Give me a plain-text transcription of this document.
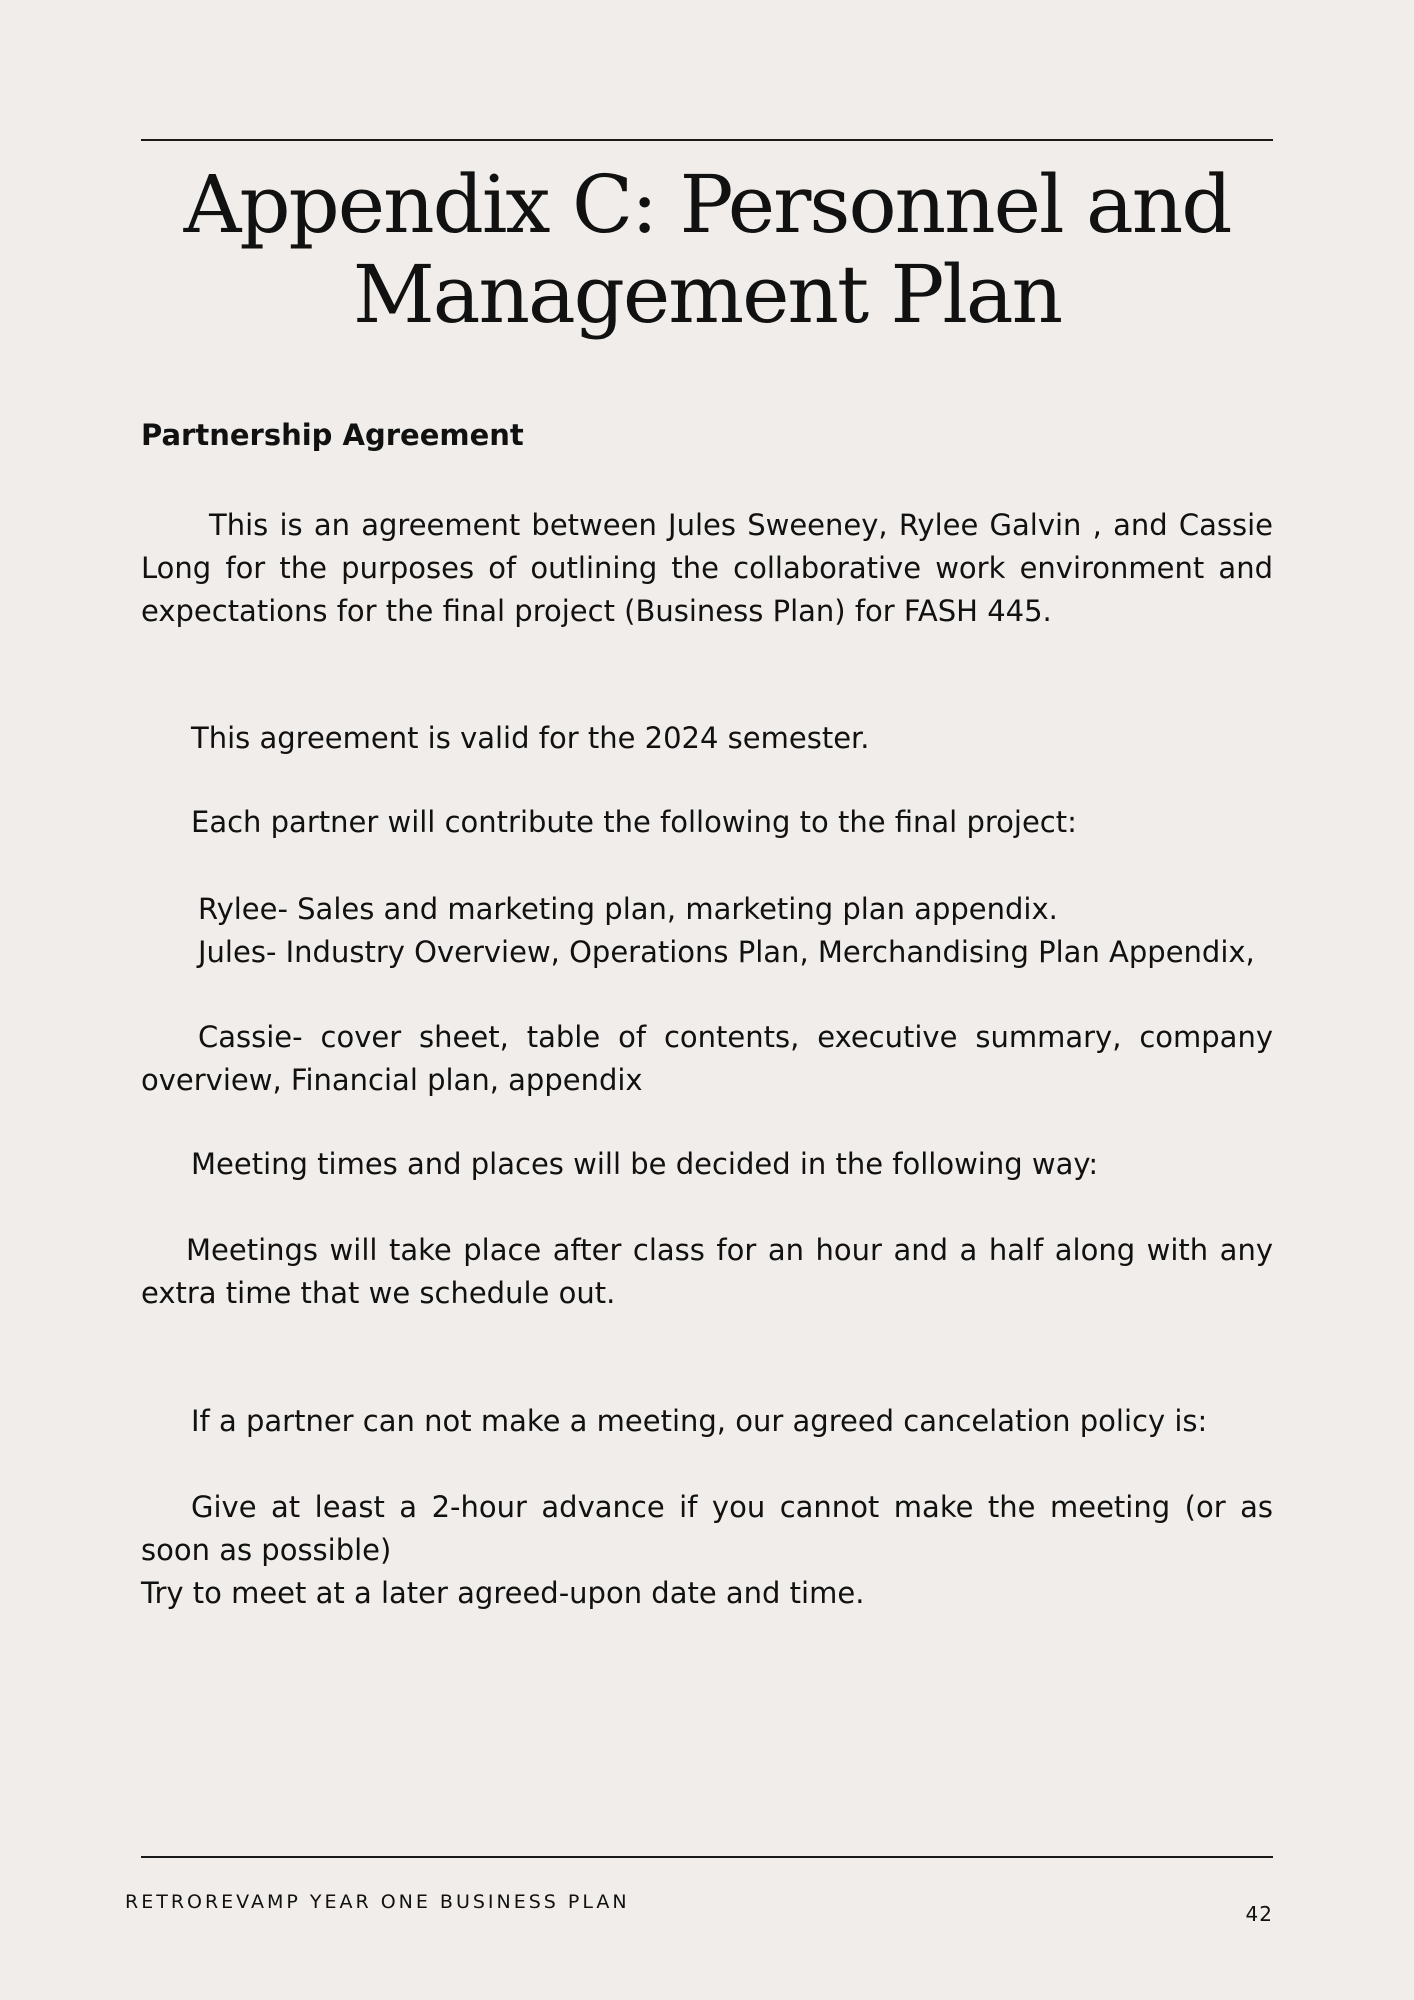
Appendix C: Personnel and
Management Plan

Partnership Agreement

This is an agreement between Jules Sweeney, Rylee Galvin , and Cassie Long for the purposes of outlining the collaborative work environment and expectations for the final project (Business Plan) for FASH 445.

This agreement is valid for the 2024 semester.

Each partner will contribute the following to the final project:

Rylee- Sales and marketing plan, marketing plan appendix.

Jules- Industry Overview, Operations Plan, Merchandising Plan Appendix,

Cassie- cover sheet, table of contents, executive summary, company overview, Financial plan, appendix

Meeting times and places will be decided in the following way:

Meetings will take place after class for an hour and a half along with any extra time that we schedule out.

If a partner can not make a meeting, our agreed cancelation policy is:

Give at least a 2-hour advance if you cannot make the meeting (or as soon as possible)

Try to meet at a later agreed-upon date and time.

RETROREVAMP YEAR ONE BUSINESS PLAN	42
